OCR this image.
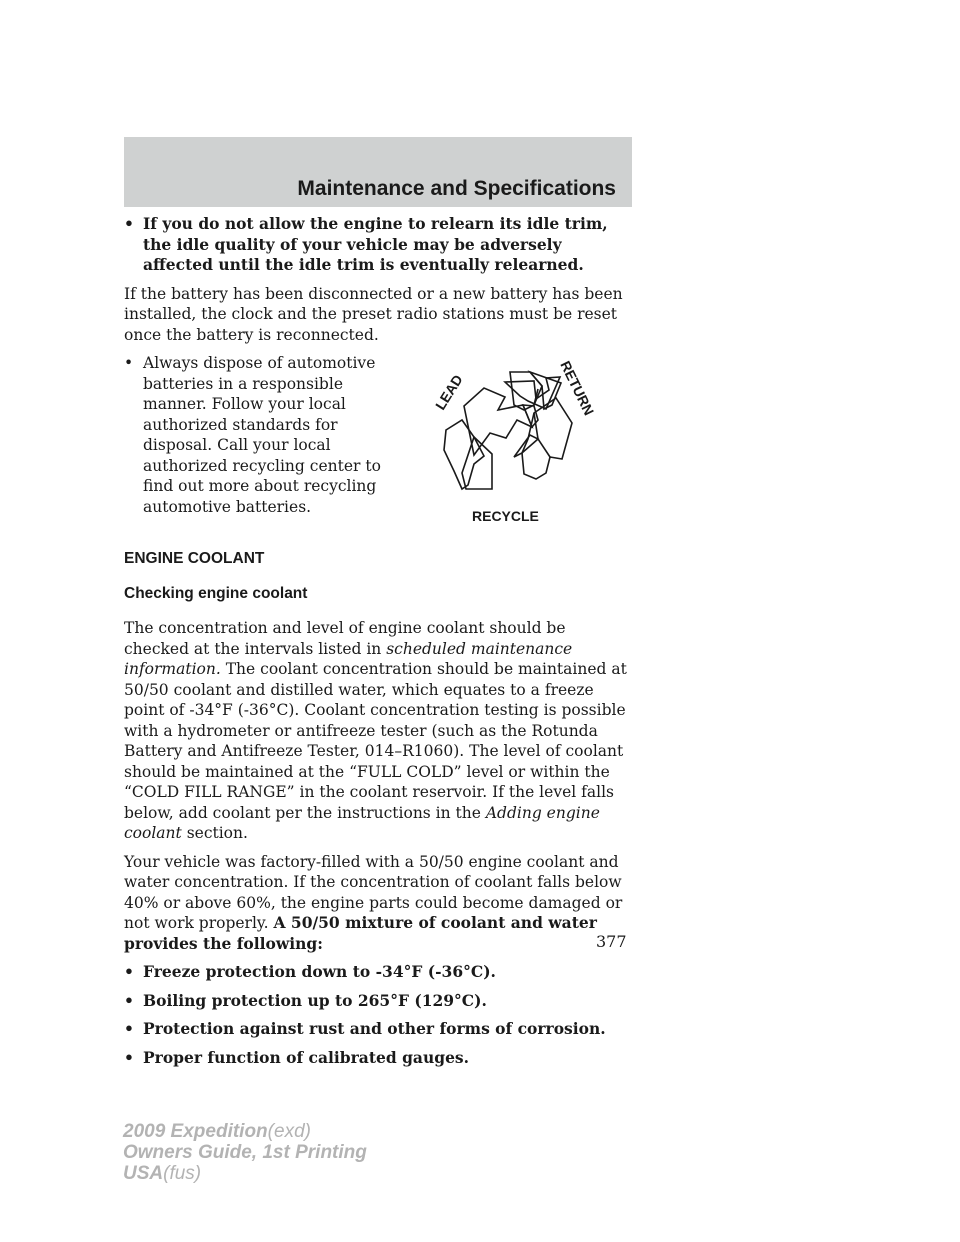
Maintenance and Specifications
• If you do not allow the engine to relearn its idle trim, the idle quality of your vehicle may be adversely affected until the idle trim is eventually relearned.

If the battery has been disconnected or a new battery has been installed, the clock and the preset radio stations must be reset once the battery is reconnected.

• Always dispose of automotive batteries in a responsible manner. Follow your local authorized standards for disposal. Call your local authorized recycling center to find out more about recycling automotive batteries.
LEAD	RETURN
RECYCLE
ENGINE COOLANT
Checking engine coolant

The concentration and level of engine coolant should be checked at the intervals listed in scheduled maintenance information. The coolant concentration should be maintained at 50/50 coolant and distilled water, which equates to a freeze point of -34°F (-36°C). Coolant concentration testing is possible with a hydrometer or antifreeze tester (such as the Rotunda Battery and Antifreeze Tester, 014–R1060). The level of coolant should be maintained at the “FULL COLD” level or within the “COLD FILL RANGE” in the coolant reservoir. If the level falls below, add coolant per the instructions in the Adding engine coolant section.

Your vehicle was factory-filled with a 50/50 engine coolant and water concentration. If the concentration of coolant falls below 40% or above 60%, the engine parts could become damaged or not work properly. A 50/50 mixture of coolant and water provides the following:

• Freeze protection down to -34°F (-36°C).
• Boiling protection up to 265°F (129°C).
• Protection against rust and other forms of corrosion.
• Proper function of calibrated gauges.
377
2009 Expedition(exd)
Owners Guide, 1st Printing
USA(fus)
